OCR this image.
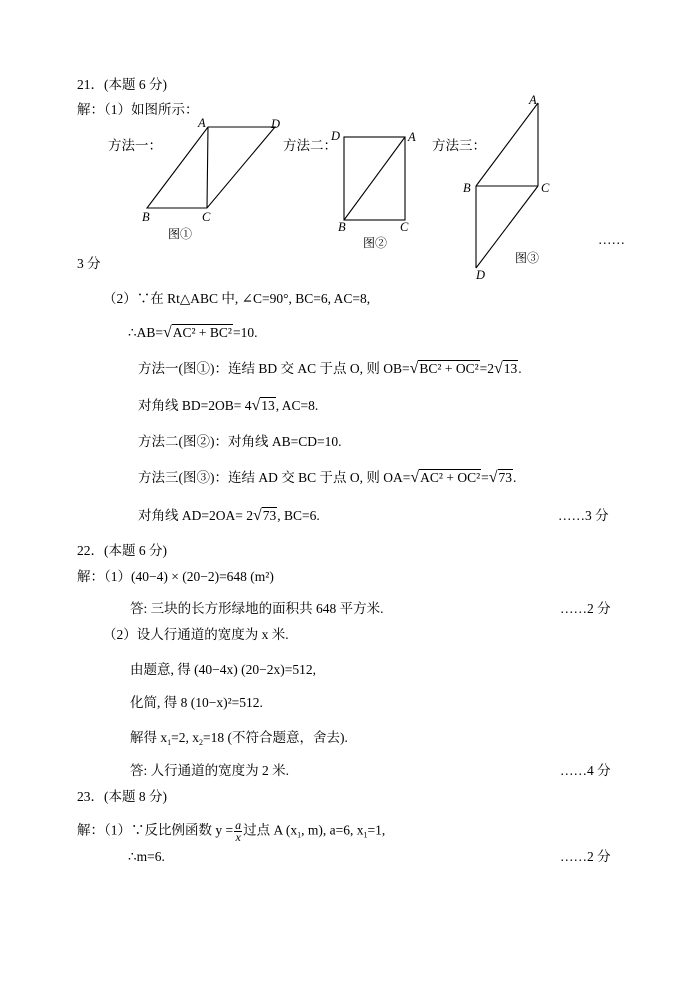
21．(本题 6 分)
解：（1）如图所示：
方法一：	方法二：	方法三：
A	D
B	C
图①
D	A
B	C
图②
A
B	C
D
图③
……
3 分
（2）∵在 Rt△ABC 中, ∠C=90°, BC=6, AC=8,
∴AB=√AC² + BC²=10.
方法一(图①)：连结 BD 交 AC 于点 O, 则 OB=√BC² + OC²=2√13.
对角线 BD=2OB= 4√13, AC=8.
方法二(图②)：对角线 AB=CD=10.
方法三(图③)：连结 AD 交 BC 于点 O, 则 OA=√AC² + OC²=√73.
对角线 AD=2OA= 2√73, BC=6.	……3 分
22．(本题 6 分)
解：（1）(40−4) × (20−2)=648 (m²)
答: 三块的长方形绿地的面积共 648 平方米.	……2 分
（2）设人行通道的宽度为 x 米.
由题意, 得 (40−4x) (20−2x)=512,
化简, 得 8 (10−x)²=512.
解得 $x_1=2$, $x_2=18$ (不符合题意，舍去).
答: 人行通道的宽度为 2 米.	……4 分
23．(本题 8 分)
解：（1）∵反比例函数 $y = \frac{a}{x}$ 过点 A ($x_1$, m), a=6, $x_1=1$,
∴m=6.	……2 分
